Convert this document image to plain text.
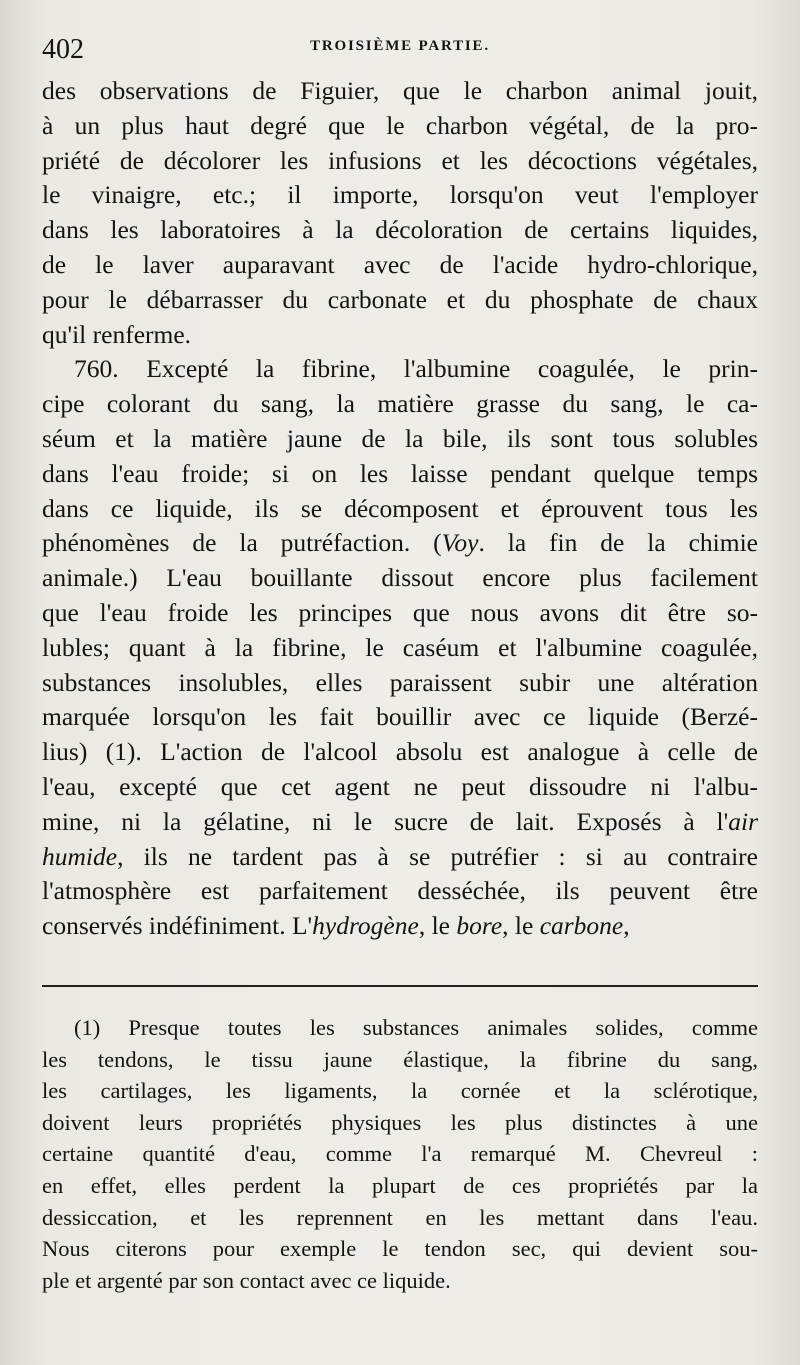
402	TROISIÈME PARTIE.
des observations de Figuier, que le charbon animal jouit,
à un plus haut degré que le charbon végétal, de la pro-
priété de décolorer les infusions et les décoctions végétales,
le vinaigre, etc.; il importe, lorsqu'on veut l'employer
dans les laboratoires à la décoloration de certains liquides,
de le laver auparavant avec de l'acide hydro-chlorique,
pour le débarrasser du carbonate et du phosphate de chaux
qu'il renferme.
760. Excepté la fibrine, l'albumine coagulée, le prin-
cipe colorant du sang, la matière grasse du sang, le ca-
séum et la matière jaune de la bile, ils sont tous solubles
dans l'eau froide; si on les laisse pendant quelque temps
dans ce liquide, ils se décomposent et éprouvent tous les
phénomènes de la putréfaction. (Voy. la fin de la chimie
animale.) L'eau bouillante dissout encore plus facilement
que l'eau froide les principes que nous avons dit être so-
lubles; quant à la fibrine, le caséum et l'albumine coagulée,
substances insolubles, elles paraissent subir une altération
marquée lorsqu'on les fait bouillir avec ce liquide (Berzé-
lius) (1). L'action de l'alcool absolu est analogue à celle de
l'eau, excepté que cet agent ne peut dissoudre ni l'albu-
mine, ni la gélatine, ni le sucre de lait. Exposés à l'air
humide, ils ne tardent pas à se putréfier : si au contraire
l'atmosphère est parfaitement desséchée, ils peuvent être
conservés indéfiniment. L'hydrogène, le bore, le carbone,
(1) Presque toutes les substances animales solides, comme
les tendons, le tissu jaune élastique, la fibrine du sang,
les cartilages, les ligaments, la cornée et la sclérotique,
doivent leurs propriétés physiques les plus distinctes à une
certaine quantité d'eau, comme l'a remarqué M. Chevreul :
en effet, elles perdent la plupart de ces propriétés par la
dessiccation, et les reprennent en les mettant dans l'eau.
Nous citerons pour exemple le tendon sec, qui devient sou-
ple et argenté par son contact avec ce liquide.
